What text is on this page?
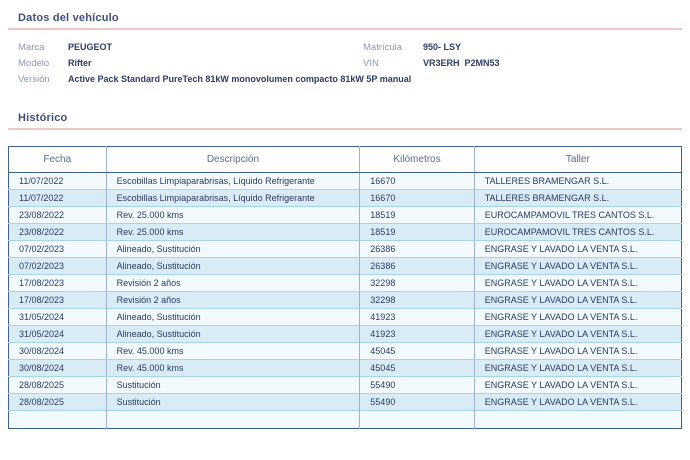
Datos del vehículo
Marca	PEUGEOT
Modelo	Rifter
Versión	Active Pack Standard PureTech 81kW monovolumen compacto 81kW 5P manual
Matrícula	950- LSY
VIN	VR3ERH  P2MN53
Histórico
Fecha	Descripción	Kilómetros	Taller
11/07/2022	Escobillas Limpiaparabrisas, Líquido Refrigerante	16670	TALLERES BRAMENGAR S.L.
11/07/2022	Escobillas Limpiaparabrisas, Líquido Refrigerante	16670	TALLERES BRAMENGAR S.L.
23/08/2022	Rev. 25.000 kms	18519	EUROCAMPAMOVIL TRES CANTOS S.L.
23/08/2022	Rev. 25.000 kms	18519	EUROCAMPAMOVIL TRES CANTOS S.L.
07/02/2023	Alineado, Sustitución	26386	ENGRASE Y LAVADO LA VENTA S.L.
07/02/2023	Alineado, Sustitución	26386	ENGRASE Y LAVADO LA VENTA S.L.
17/08/2023	Revisión 2 años	32298	ENGRASE Y LAVADO LA VENTA S.L.
17/08/2023	Revisión 2 años	32298	ENGRASE Y LAVADO LA VENTA S.L.
31/05/2024	Alineado, Sustitución	41923	ENGRASE Y LAVADO LA VENTA S.L.
31/05/2024	Alineado, Sustitución	41923	ENGRASE Y LAVADO LA VENTA S.L.
30/08/2024	Rev. 45.000 kms	45045	ENGRASE Y LAVADO LA VENTA S.L.
30/08/2024	Rev. 45.000 kms	45045	ENGRASE Y LAVADO LA VENTA S.L.
28/08/2025	Sustitución	55490	ENGRASE Y LAVADO LA VENTA S.L.
28/08/2025	Sustitución	55490	ENGRASE Y LAVADO LA VENTA S.L.
